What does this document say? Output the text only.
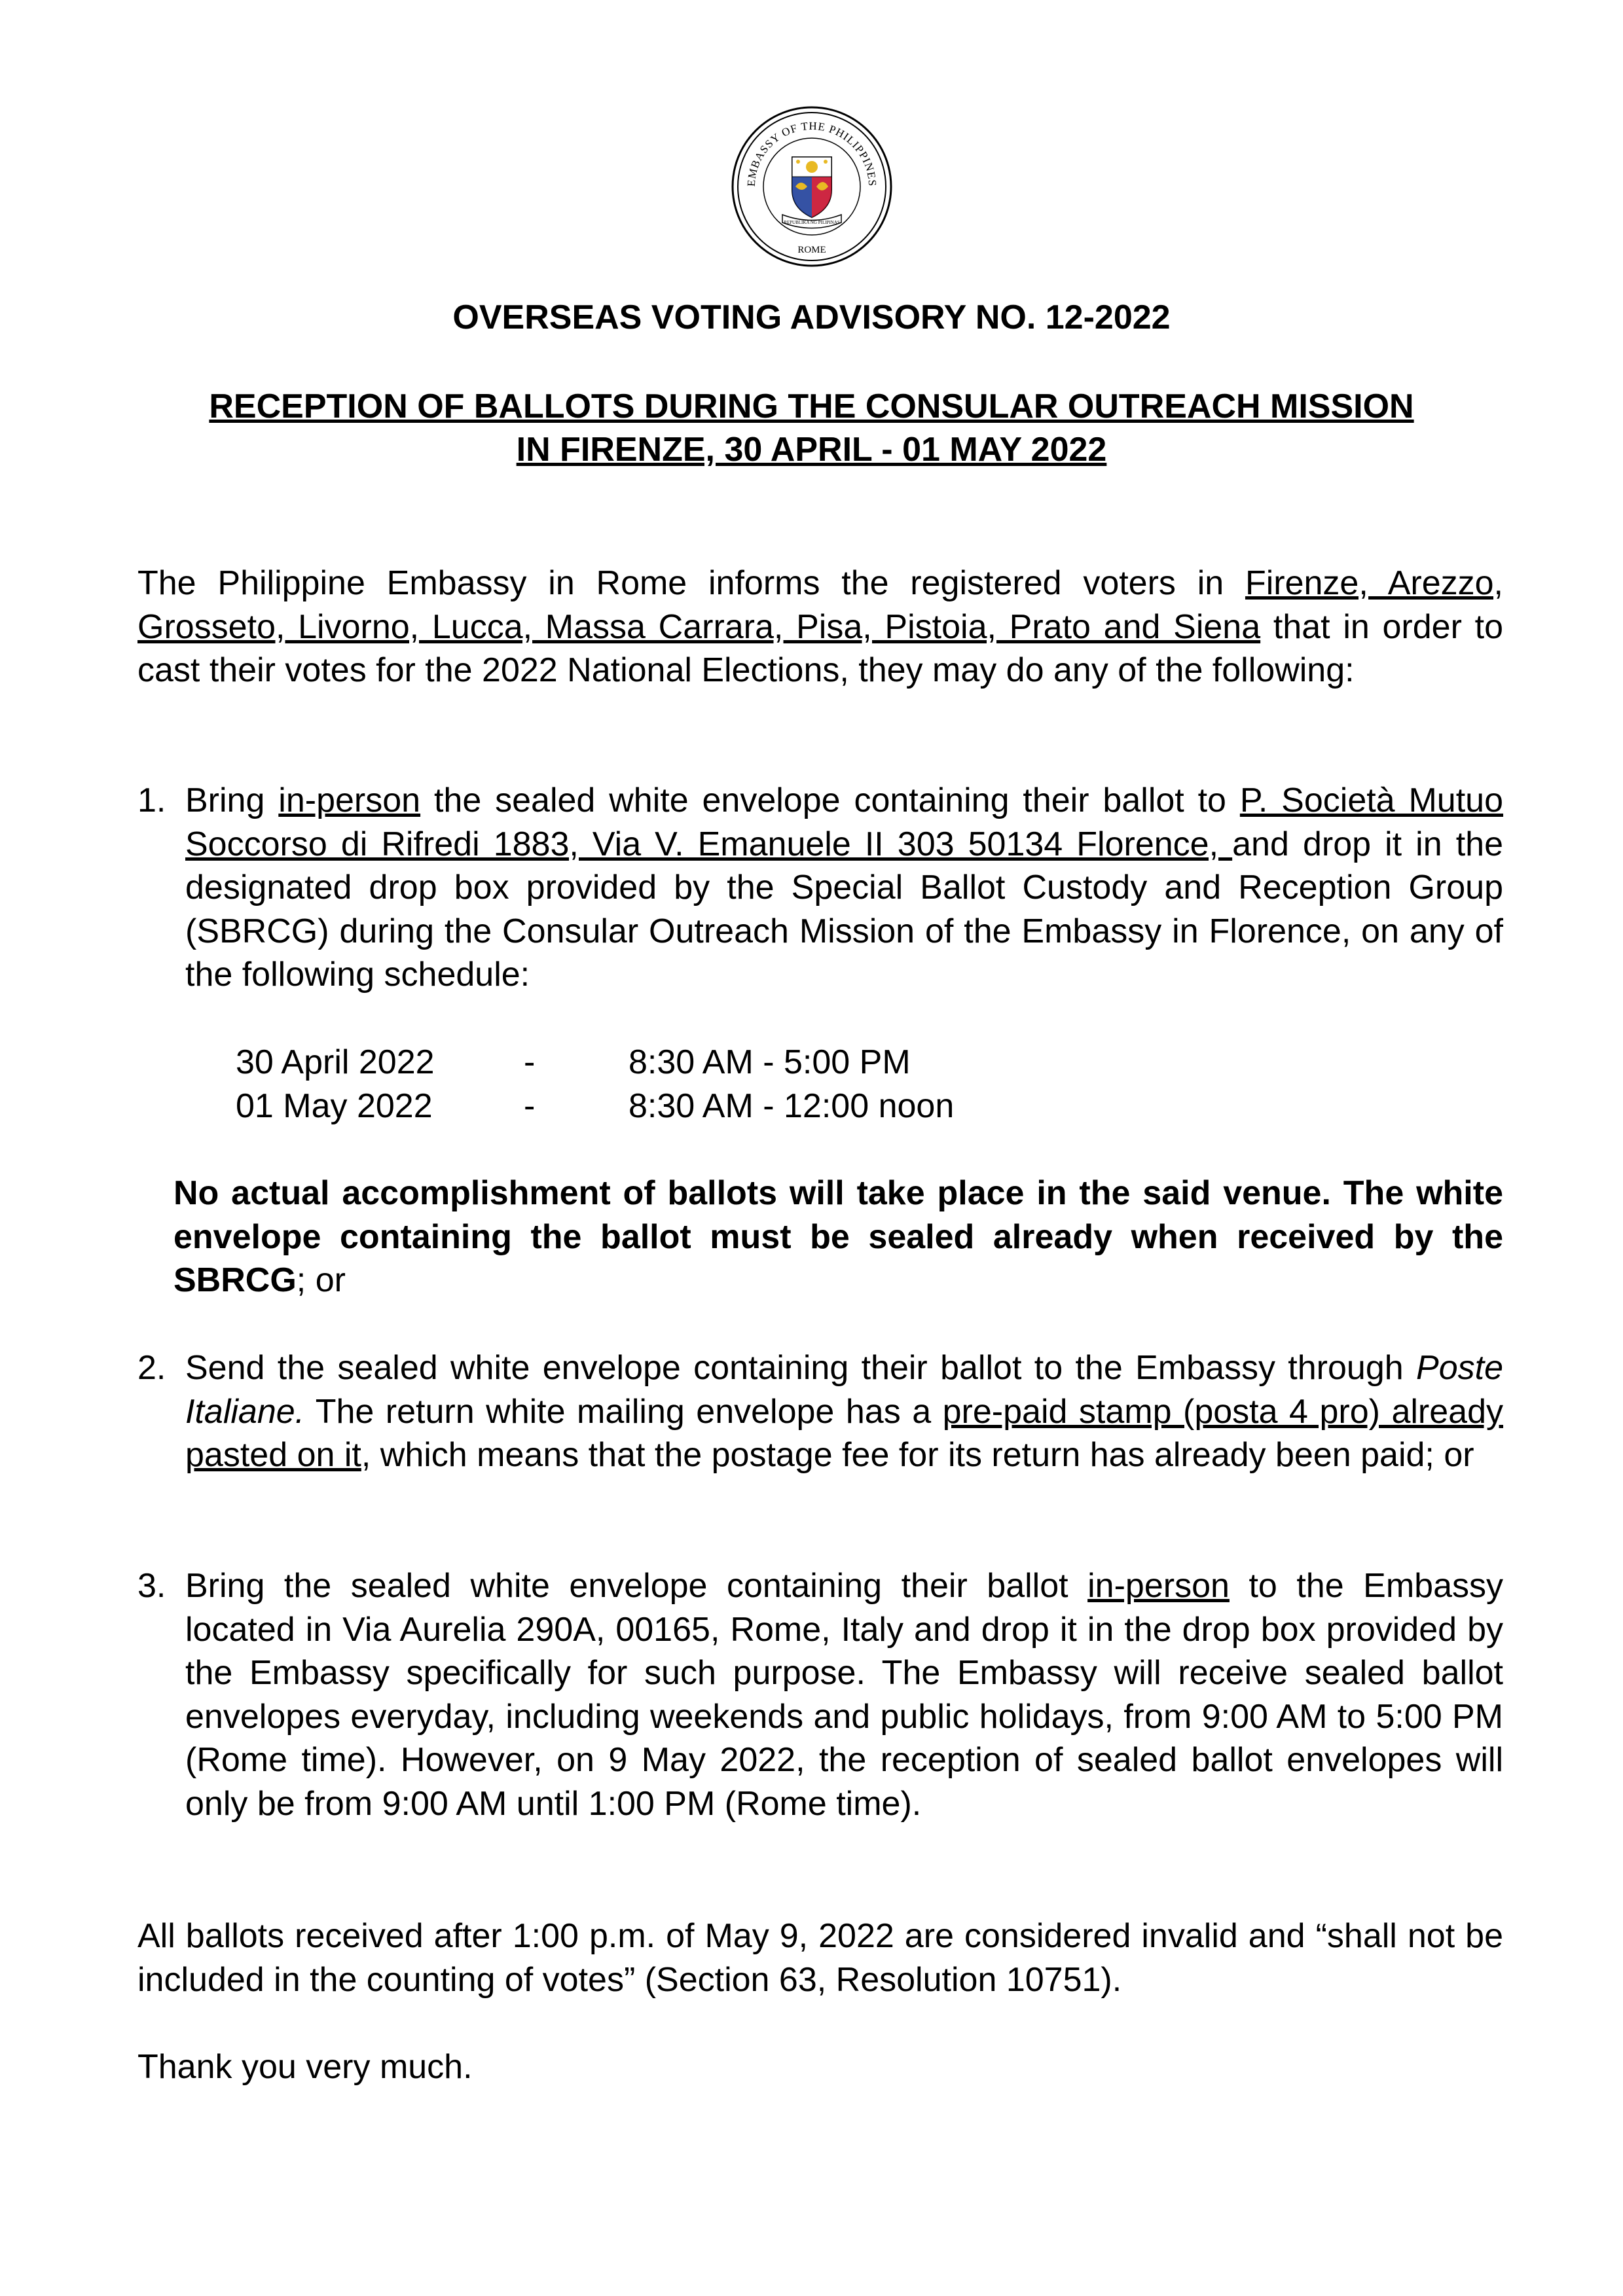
EMBASSY OF THE PHILIPPINES
ROME
REPUBLIKA NG PILIPINAS
OVERSEAS VOTING ADVISORY NO. 12-2022
RECEPTION OF BALLOTS DURING THE CONSULAR OUTREACH MISSION
IN FIRENZE, 30 APRIL - 01 MAY 2022
The Philippine Embassy in Rome informs the registered voters in Firenze, Arezzo, Grosseto, Livorno, Lucca, Massa Carrara, Pisa, Pistoia, Prato and Siena that in order to cast their votes for the 2022 National Elections, they may do any of the following:
1. Bring in-person the sealed white envelope containing their ballot to P. Società Mutuo Soccorso di Rifredi 1883, Via V. Emanuele II 303 50134 Florence, and drop it in the designated drop box provided by the Special Ballot Custody and Reception Group (SBRCG) during the Consular Outreach Mission of the Embassy in Florence, on any of the following schedule:
30 April 2022	-	8:30 AM - 5:00 PM
01 May 2022	-	8:30 AM - 12:00 noon
No actual accomplishment of ballots will take place in the said venue. The white envelope containing the ballot must be sealed already when received by the SBRCG; or
2. Send the sealed white envelope containing their ballot to the Embassy through Poste Italiane. The return white mailing envelope has a pre-paid stamp (posta 4 pro) already pasted on it, which means that the postage fee for its return has already been paid; or
3. Bring the sealed white envelope containing their ballot in-person to the Embassy located in Via Aurelia 290A, 00165, Rome, Italy and drop it in the drop box provided by the Embassy specifically for such purpose. The Embassy will receive sealed ballot envelopes everyday, including weekends and public holidays, from 9:00 AM to 5:00 PM (Rome time). However, on 9 May 2022, the reception of sealed ballot envelopes will only be from 9:00 AM until 1:00 PM (Rome time).
All ballots received after 1:00 p.m. of May 9, 2022 are considered invalid and “shall not be included in the counting of votes” (Section 63, Resolution 10751).
Thank you very much.
